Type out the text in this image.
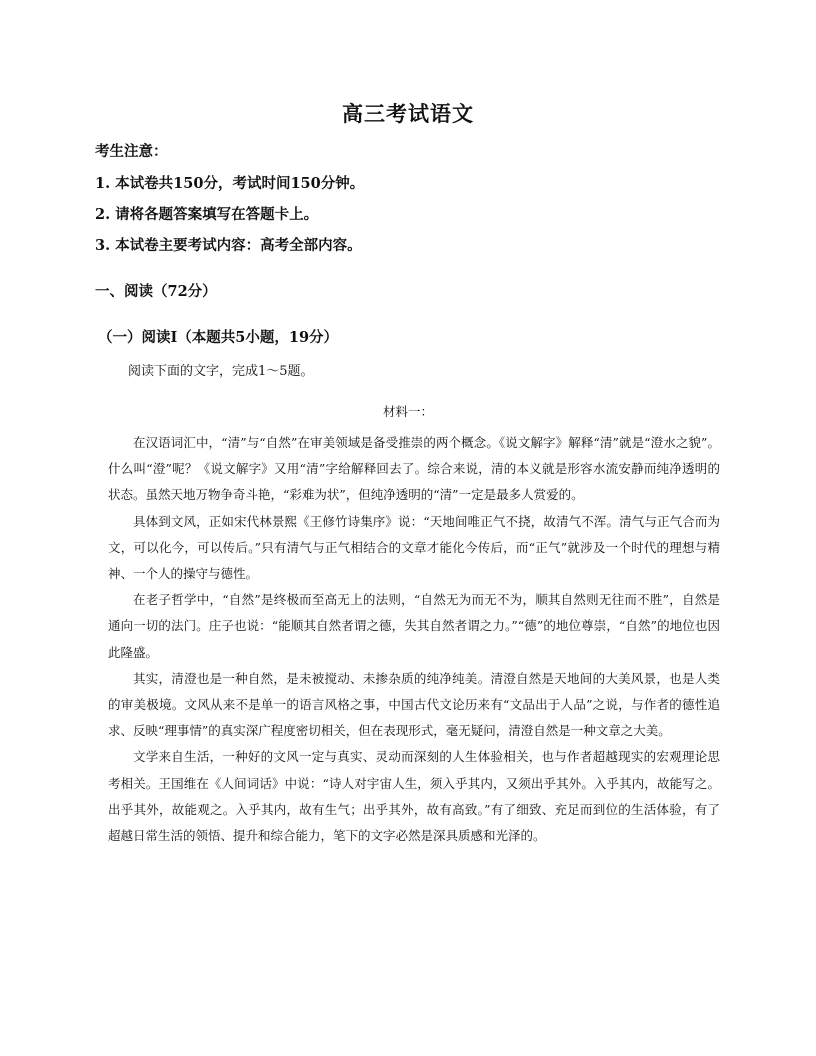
高三考试语文
考生注意：
1. 本试卷共150分，考试时间150分钟。
2. 请将各题答案填写在答题卡上。
3. 本试卷主要考试内容：高考全部内容。
一、阅读（72分）
（一）阅读Ⅰ（本题共5小题，19分）
阅读下面的文字，完成1～5题。
材料一：

在汉语词汇中，“清”与“自然”在审美领域是备受推崇的两个概念。《说文解字》解释“清”就是“澄水之貌”。什么叫“澄”呢？《说文解字》又用“清”字给解释回去了。综合来说，清的本义就是形容水流安静而纯净透明的状态。虽然天地万物争奇斗艳，“彩难为状”，但纯净透明的“清”一定是最多人赏爱的。

具体到文风，正如宋代林景熙《王修竹诗集序》说：“天地间唯正气不挠，故清气不浑。清气与正气合而为文，可以化今，可以传后。”只有清气与正气相结合的文章才能化今传后，而“正气”就涉及一个时代的理想与精神、一个人的操守与德性。

在老子哲学中，“自然”是终极而至高无上的法则，“自然无为而无不为，顺其自然则无往而不胜”，自然是通向一切的法门。庄子也说：“能顺其自然者谓之德，失其自然者谓之力。”“德”的地位尊崇，“自然”的地位也因此隆盛。

其实，清澄也是一种自然，是未被搅动、未掺杂质的纯净纯美。清澄自然是天地间的大美风景，也是人类的审美极境。文风从来不是单一的语言风格之事，中国古代文论历来有“文品出于人品”之说，与作者的德性追求、反映“理事情”的真实深广程度密切相关，但在表现形式，毫无疑问，清澄自然是一种文章之大美。

文学来自生活，一种好的文风一定与真实、灵动而深刻的人生体验相关，也与作者超越现实的宏观理论思考相关。王国维在《人间词话》中说：“诗人对宇宙人生，须入乎其内，又须出乎其外。入乎其内，故能写之。出乎其外，故能观之。入乎其内，故有生气；出乎其外，故有高致。”有了细致、充足而到位的生活体验，有了超越日常生活的领悟、提升和综合能力，笔下的文字必然是深具质感和光泽的。
